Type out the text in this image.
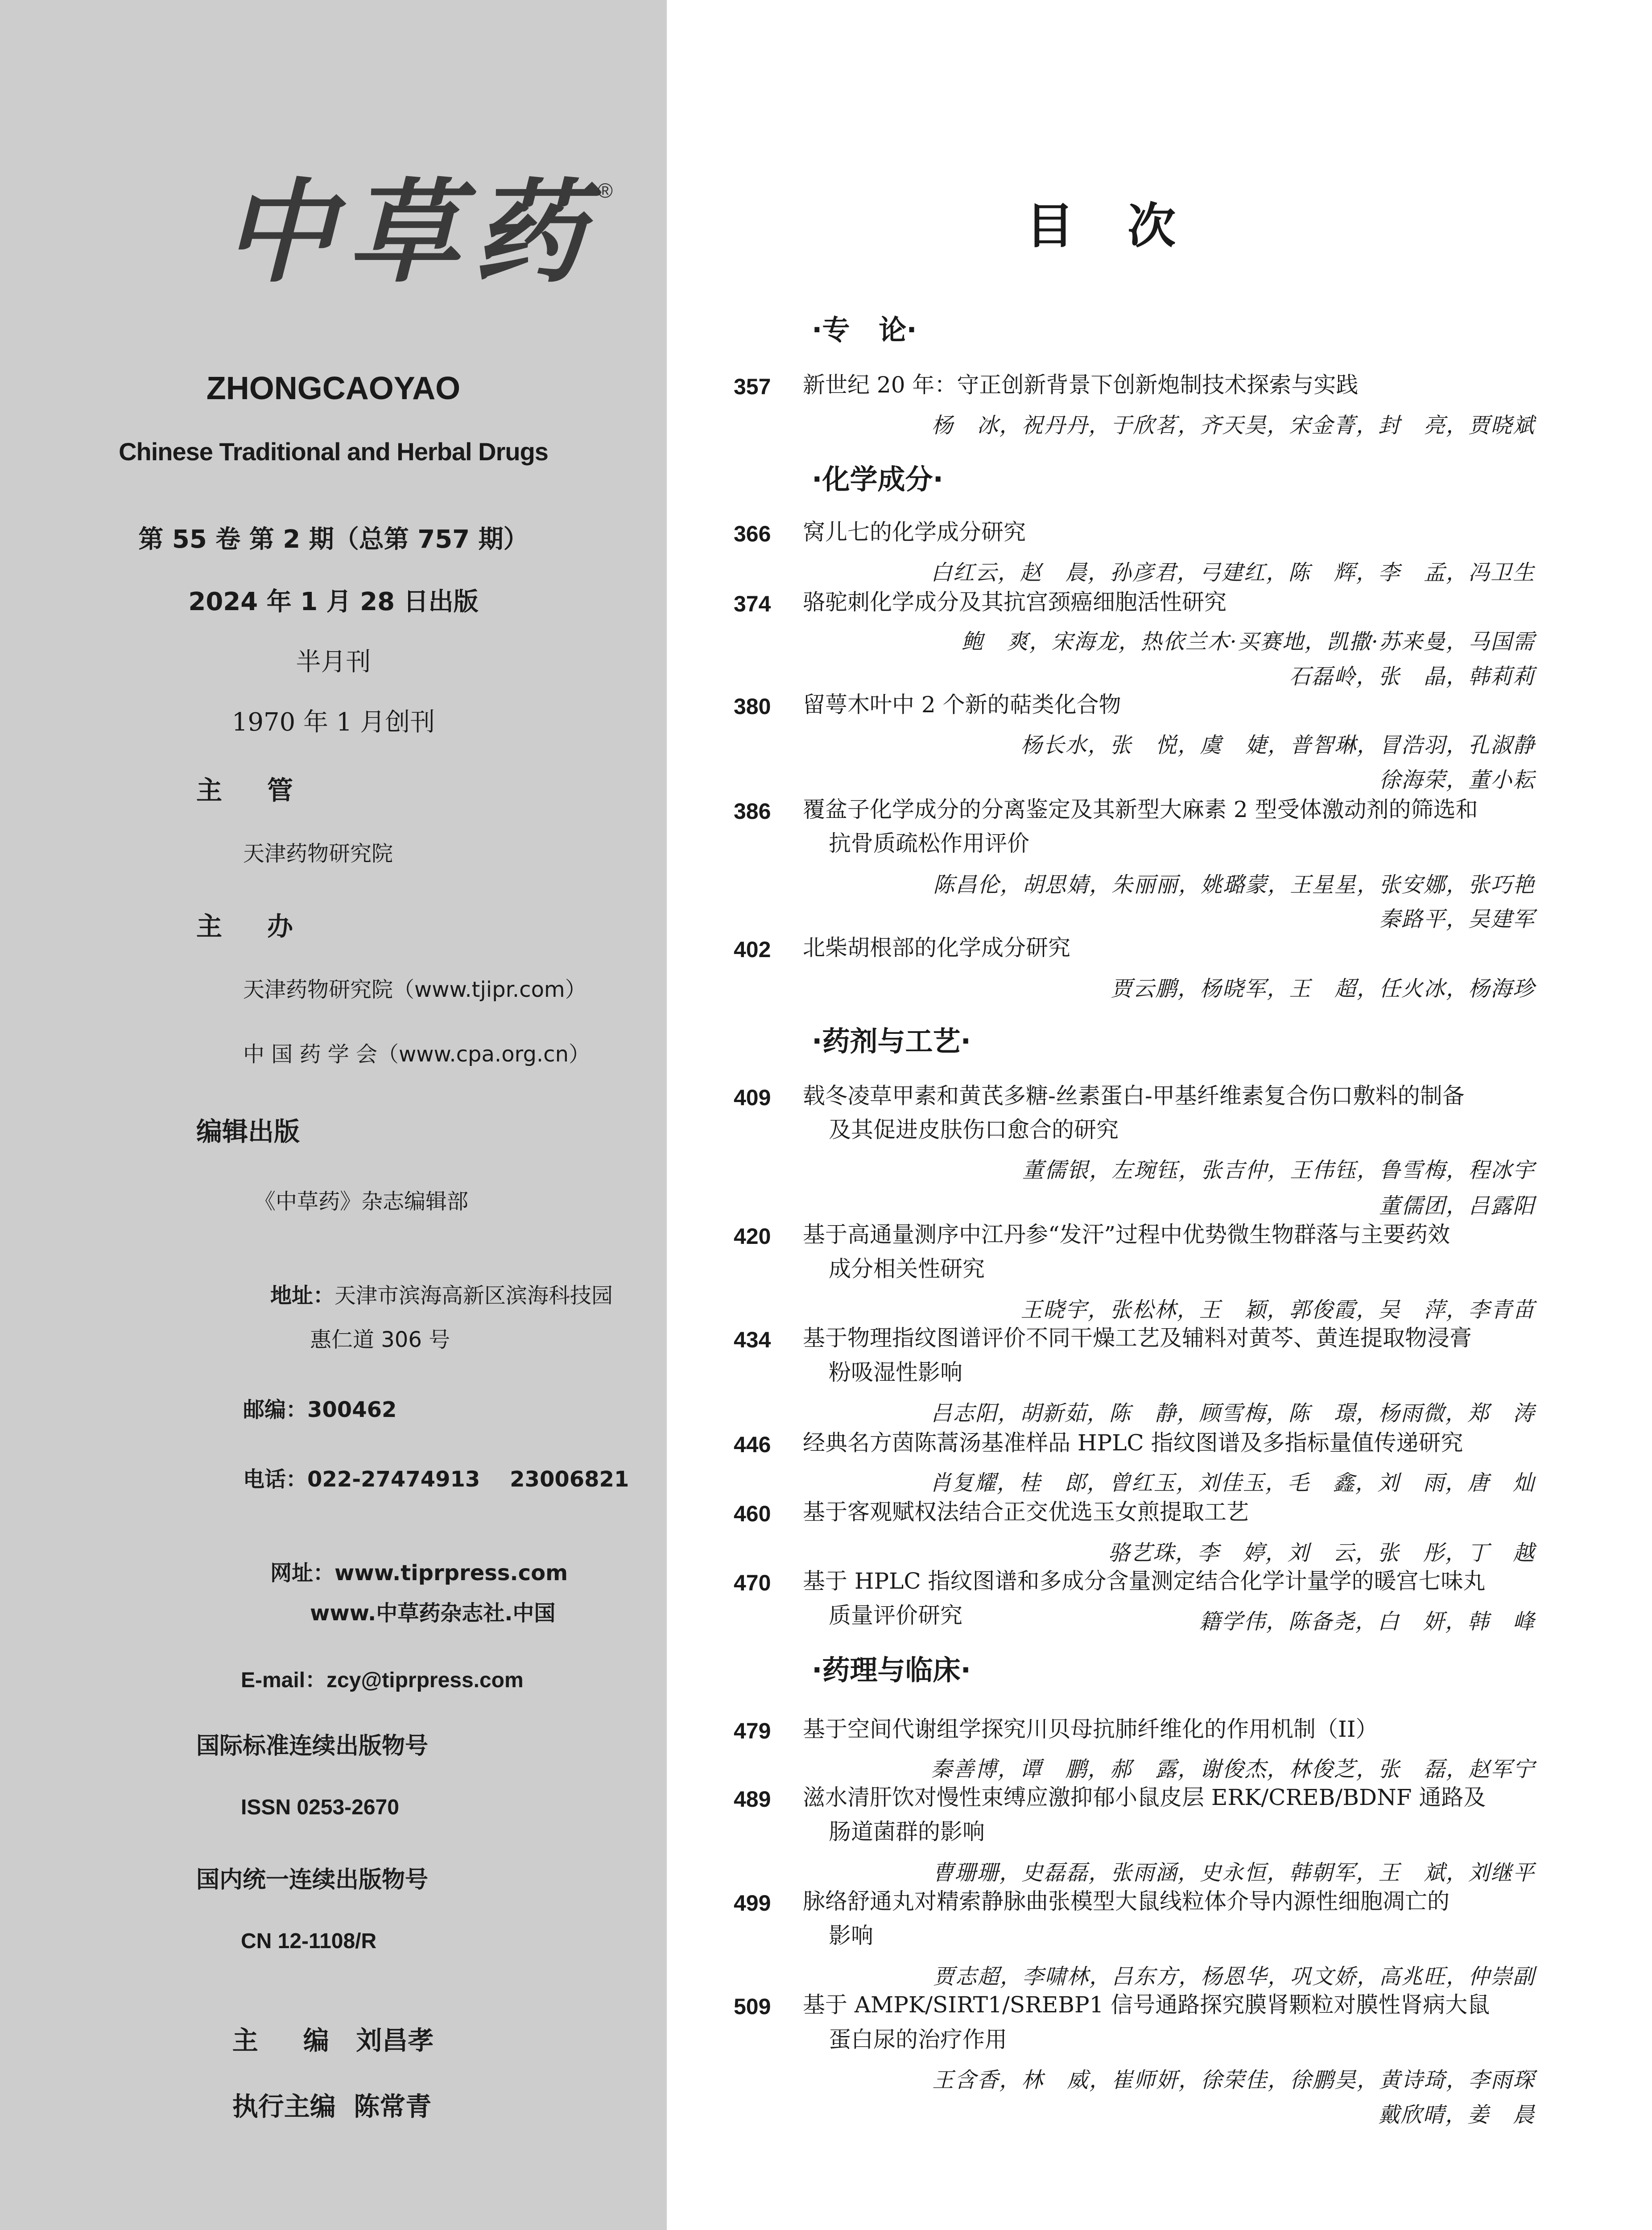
中 草 药 ®
ZHONGCAOYAO
Chinese Traditional and Herbal Drugs
第 55 卷 第 2 期（总第 757 期）
2024 年 1 月 28 日出版
半月刊
1970 年 1 月创刊
主     管
天津药物研究院
主     办
天津药物研究院（www.tjipr.com）
中 国 药 学 会（www.cpa.org.cn）
编辑出版
《中草药》杂志编辑部

地址：天津市滨海高新区滨海科技园

惠仁道 306 号
邮编：300462
电话：022-27474913    23006821

网址：www.tiprpress.com

www.中草药杂志社.中国
E-mail：zcy@tiprpress.com
国际标准连续出版物号
ISSN 0253-2670
国内统一连续出版物号
CN 12-1108/R

主     编 刘昌孝

执行主编 陈常青

目次
·专   论·
·化学成分·
·药剂与工艺·
·药理与临床·
357 新世纪 20 年：守正创新背景下创新炮制技术探索与实践
杨   冰，祝丹丹，于欣茗，齐天昊，宋金菁，封   亮，贾晓斌
366 窝儿七的化学成分研究
白红云，赵   晨，孙彦君，弓建红，陈   辉，李   孟，冯卫生
374 骆驼刺化学成分及其抗宫颈癌细胞活性研究
鲍   爽，宋海龙，热依兰木·买赛地，凯撒·苏来曼，马国需
石磊岭，张   晶，韩莉莉
380 留萼木叶中 2 个新的萜类化合物
杨长水，张   悦，虞   婕，普智琳，冒浩羽，孔淑静
徐海荣，董小耘
386 覆盆子化学成分的分离鉴定及其新型大麻素 2 型受体激动剂的筛选和
抗骨质疏松作用评价
陈昌伦，胡思婧，朱丽丽，姚璐蒙，王星星，张安娜，张巧艳
秦路平，吴建军
402 北柴胡根部的化学成分研究
贾云鹏，杨晓军，王   超，任火冰，杨海珍
409 载冬凌草甲素和黄芪多糖-丝素蛋白-甲基纤维素复合伤口敷料的制备
及其促进皮肤伤口愈合的研究
董儒银，左琬钰，张吉仲，王伟钰，鲁雪梅，程冰宇
董儒团，吕露阳
420 基于高通量测序中江丹参“发汗”过程中优势微生物群落与主要药效
成分相关性研究
王晓宇，张松林，王   颖，郭俊霞，吴   萍，李青苗
434 基于物理指纹图谱评价不同干燥工艺及辅料对黄芩、黄连提取物浸膏
粉吸湿性影响
吕志阳，胡新茹，陈   静，顾雪梅，陈   璟，杨雨微，郑   涛
446 经典名方茵陈蒿汤基准样品 HPLC 指纹图谱及多指标量值传递研究
肖复耀，桂   郎，曾红玉，刘佳玉，毛   鑫，刘   雨，唐   灿
460 基于客观赋权法结合正交优选玉女煎提取工艺
骆艺珠，李   婷，刘   云，张   彤，丁   越
470 基于 HPLC 指纹图谱和多成分含量测定结合化学计量学的暖宫七味丸
质量评价研究	籍学伟，陈备尧，白   妍，韩   峰
479 基于空间代谢组学探究川贝母抗肺纤维化的作用机制（II）
秦善博，谭   鹏，郝   露，谢俊杰，林俊芝，张   磊，赵军宁
489 滋水清肝饮对慢性束缚应激抑郁小鼠皮层 ERK/CREB/BDNF 通路及
肠道菌群的影响
曹珊珊，史磊磊，张雨涵，史永恒，韩朝军，王   斌，刘继平
499 脉络舒通丸对精索静脉曲张模型大鼠线粒体介导内源性细胞凋亡的
影响
贾志超，李啸林，吕东方，杨恩华，巩文娇，高兆旺，仲崇副
509 基于 AMPK/SIRT1/SREBP1 信号通路探究膜肾颗粒对膜性肾病大鼠
蛋白尿的治疗作用
王含香，林   威，崔师妍，徐荣佳，徐鹏昊，黄诗琦，李雨琛
戴欣晴，姜   晨
